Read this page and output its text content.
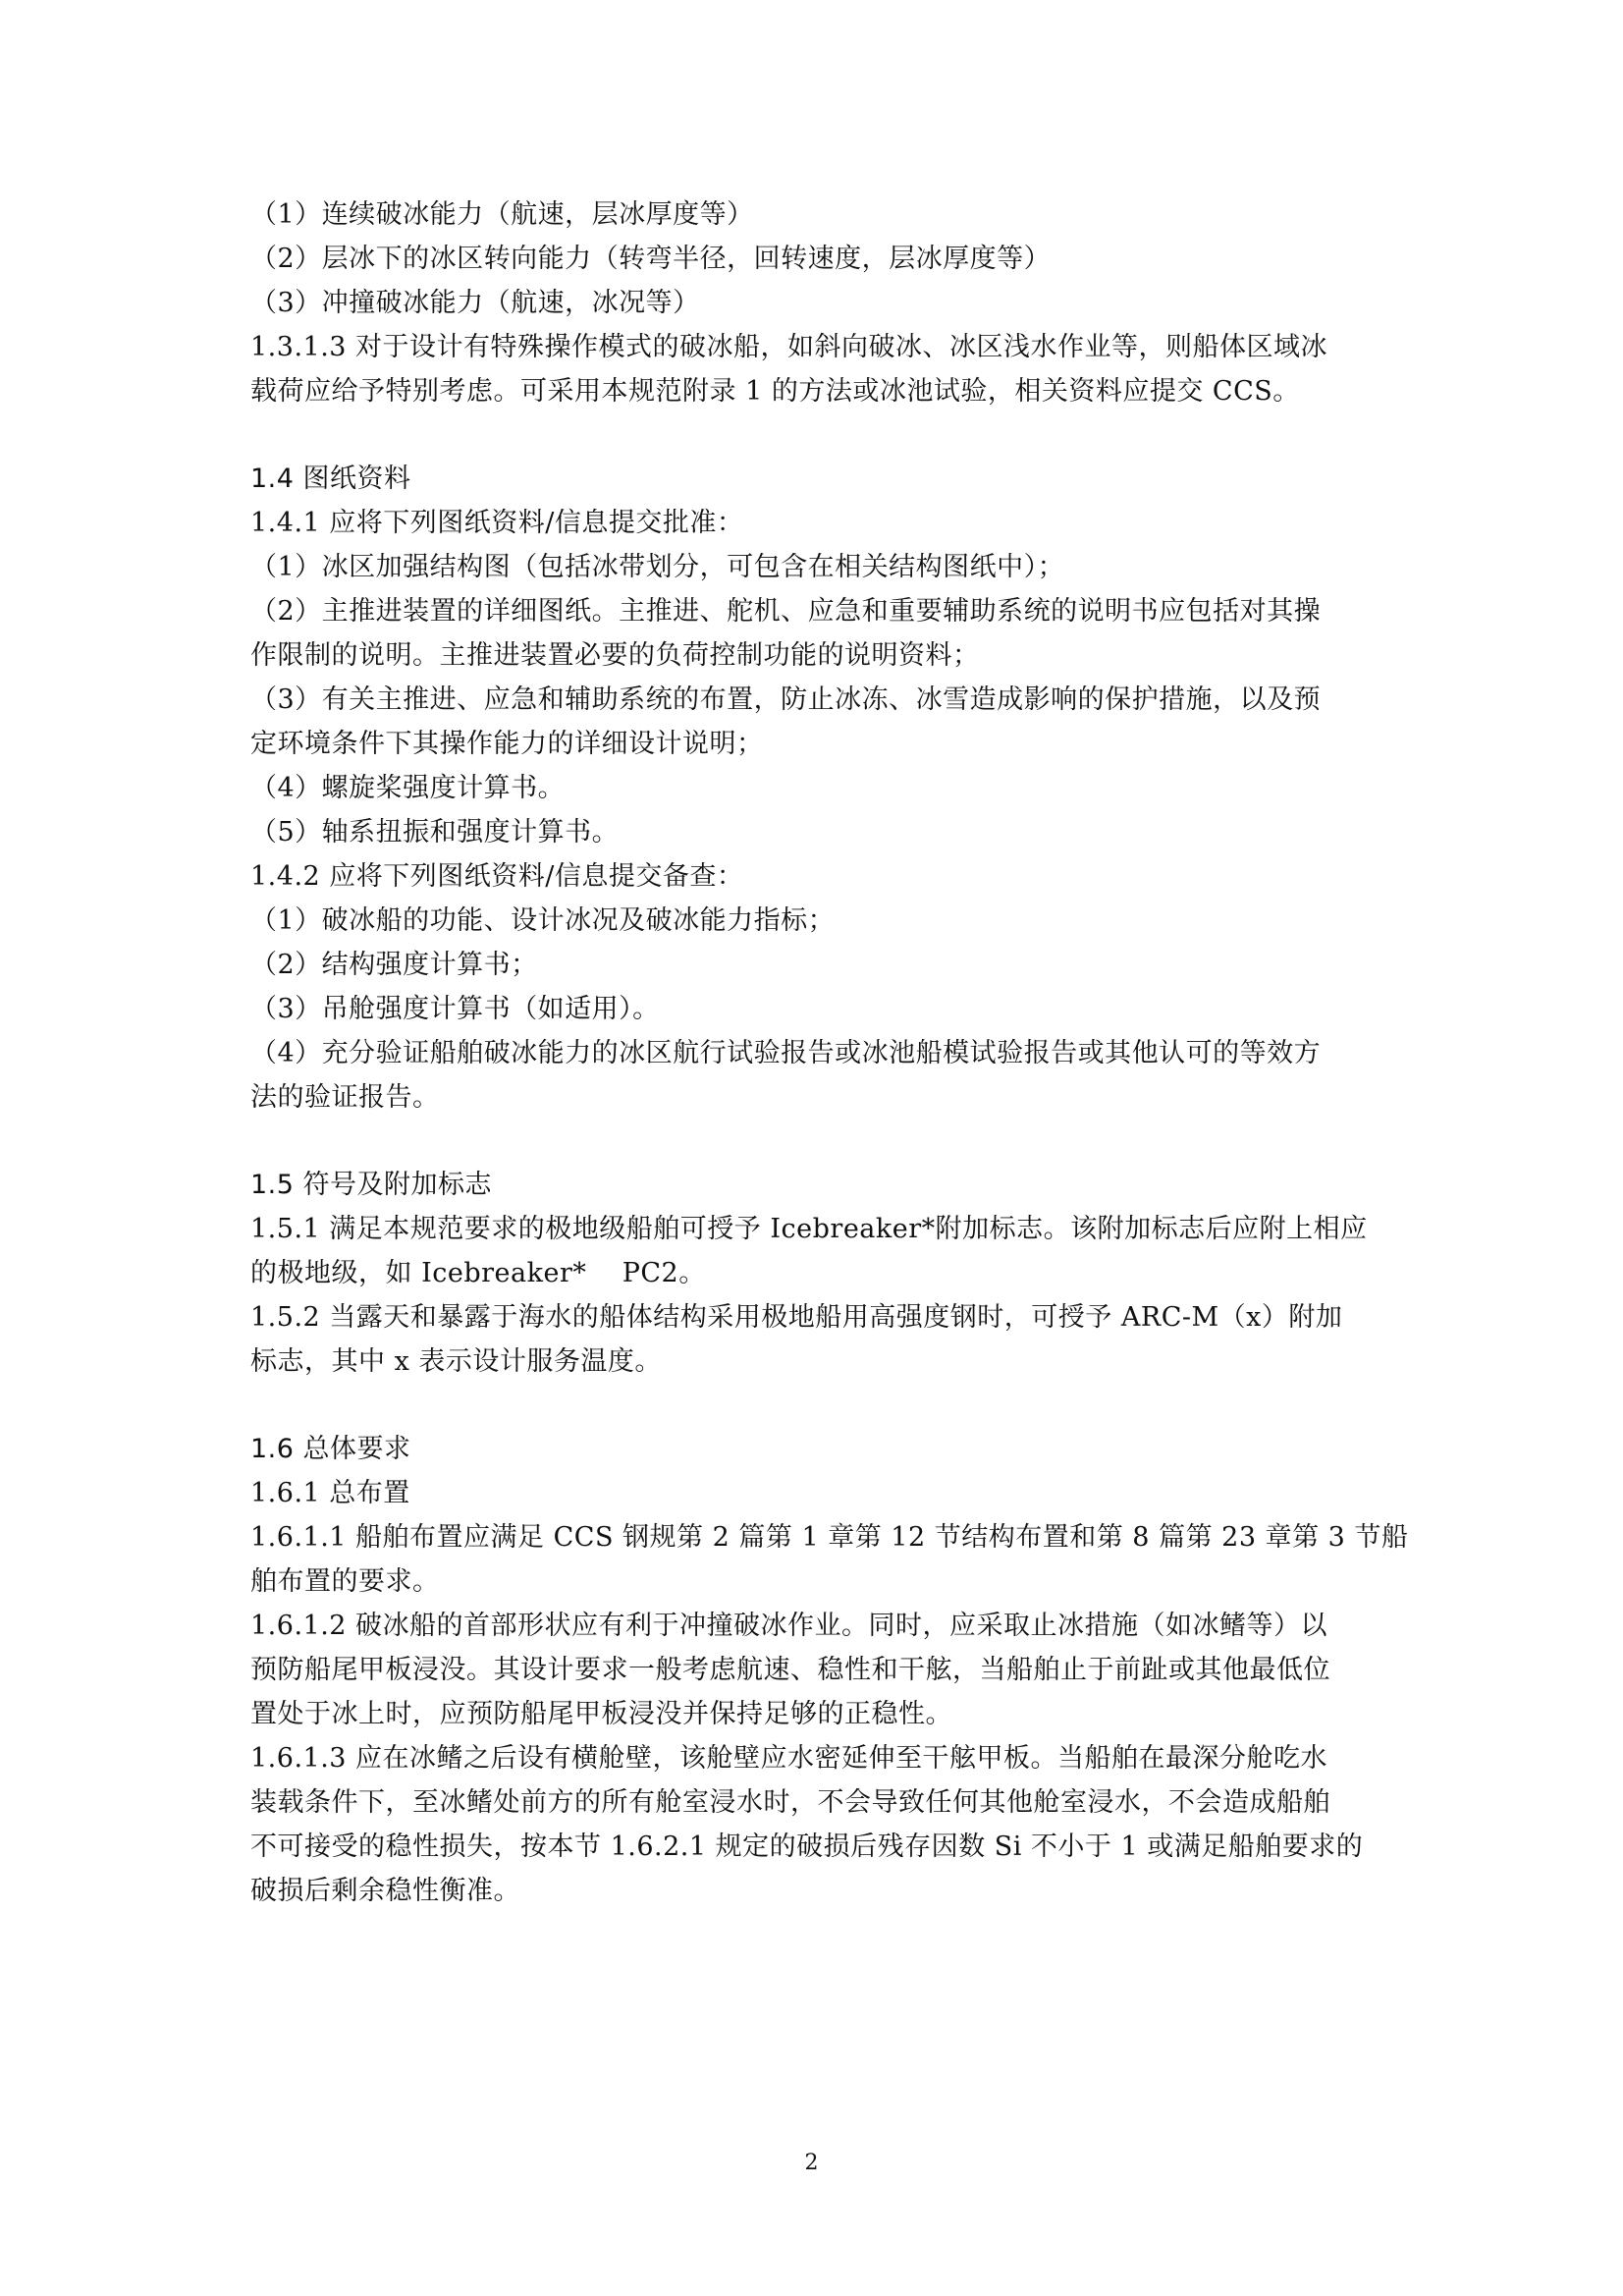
（1）连续破冰能力（航速，层冰厚度等）
（2）层冰下的冰区转向能力（转弯半径，回转速度，层冰厚度等）
（3）冲撞破冰能力（航速，冰况等）
1.3.1.3 对于设计有特殊操作模式的破冰船，如斜向破冰、冰区浅水作业等，则船体区域冰
载荷应给予特别考虑。可采用本规范附录 1 的方法或冰池试验，相关资料应提交 CCS。
1.4 图纸资料
1.4.1 应将下列图纸资料/信息提交批准：
（1）冰区加强结构图（包括冰带划分，可包含在相关结构图纸中）；
（2）主推进装置的详细图纸。主推进、舵机、应急和重要辅助系统的说明书应包括对其操
作限制的说明。主推进装置必要的负荷控制功能的说明资料；
（3）有关主推进、应急和辅助系统的布置，防止冰冻、冰雪造成影响的保护措施，以及预
定环境条件下其操作能力的详细设计说明；
（4）螺旋桨强度计算书。
（5）轴系扭振和强度计算书。
1.4.2 应将下列图纸资料/信息提交备查：
（1）破冰船的功能、设计冰况及破冰能力指标；
（2）结构强度计算书；
（3）吊舱强度计算书（如适用）。
（4）充分验证船舶破冰能力的冰区航行试验报告或冰池船模试验报告或其他认可的等效方
法的验证报告。
1.5 符号及附加标志
1.5.1 满足本规范要求的极地级船舶可授予 Icebreaker*附加标志。该附加标志后应附上相应
的极地级，如 Icebreaker*    PC2。
1.5.2 当露天和暴露于海水的船体结构采用极地船用高强度钢时，可授予 ARC-M（x）附加
标志，其中 x 表示设计服务温度。
1.6 总体要求
1.6.1 总布置
1.6.1.1 船舶布置应满足 CCS 钢规第 2 篇第 1 章第 12 节结构布置和第 8 篇第 23 章第 3 节船
舶布置的要求。
1.6.1.2 破冰船的首部形状应有利于冲撞破冰作业。同时，应采取止冰措施（如冰鳍等）以
预防船尾甲板浸没。其设计要求一般考虑航速、稳性和干舷，当船舶止于前趾或其他最低位
置处于冰上时，应预防船尾甲板浸没并保持足够的正稳性。
1.6.1.3 应在冰鳍之后设有横舱壁，该舱壁应水密延伸至干舷甲板。当船舶在最深分舱吃水
装载条件下，至冰鳍处前方的所有舱室浸水时，不会导致任何其他舱室浸水，不会造成船舶
不可接受的稳性损失，按本节 1.6.2.1 规定的破损后残存因数 Si 不小于 1 或满足船舶要求的
破损后剩余稳性衡准。
2
